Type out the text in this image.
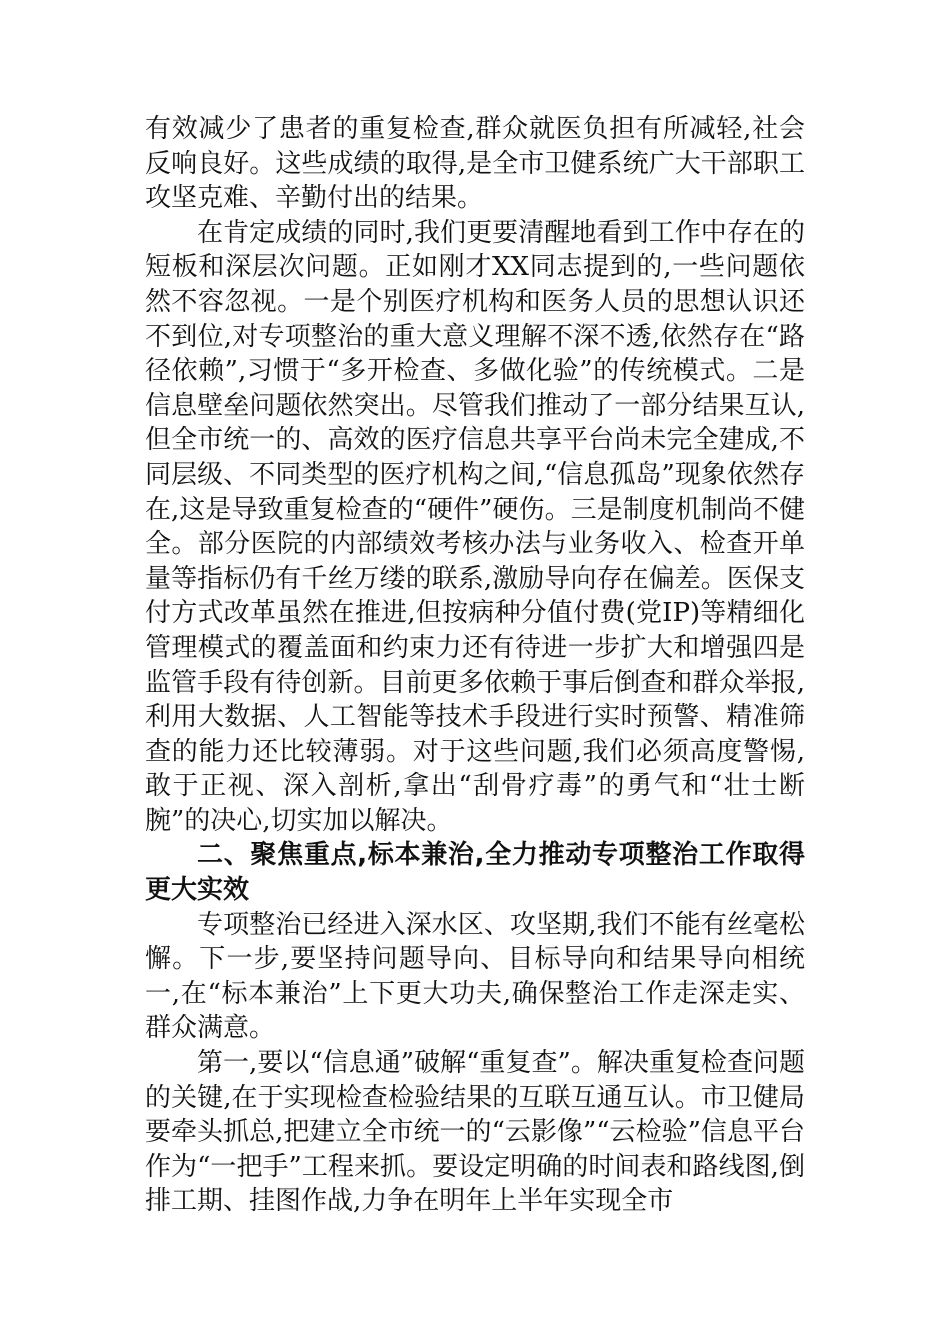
有效减少了患者的重复检查,群众就医负担有所减轻,社会反响良好。这些成绩的取得,是全市卫健系统广大干部职工攻坚克难、辛勤付出的结果。

在肯定成绩的同时,我们更要清醒地看到工作中存在的短板和深层次问题。正如刚才XX同志提到的,一些问题依然不容忽视。一是个别医疗机构和医务人员的思想认识还不到位,对专项整治的重大意义理解不深不透,依然存在“路径依赖”,习惯于“多开检查、多做化验”的传统模式。二是信息壁垒问题依然突出。尽管我们推动了一部分结果互认,但全市统一的、高效的医疗信息共享平台尚未完全建成,不同层级、不同类型的医疗机构之间,“信息孤岛”现象依然存在,这是导致重复检查的“硬件”硬伤。三是制度机制尚不健全。部分医院的内部绩效考核办法与业务收入、检查开单量等指标仍有千丝万缕的联系,激励导向存在偏差。医保支付方式改革虽然在推进,但按病种分值付费(党IP)等精细化管理模式的覆盖面和约束力还有待进一步扩大和增强四是监管手段有待创新。目前更多依赖于事后倒查和群众举报,利用大数据、人工智能等技术手段进行实时预警、精准筛查的能力还比较薄弱。对于这些问题,我们必须高度警惕,敢于正视、深入剖析,拿出“刮骨疗毒”的勇气和“壮士断腕”的决心,切实加以解决。

二、聚焦重点,标本兼治,全力推动专项整治工作取得更大实效

专项整治已经进入深水区、攻坚期,我们不能有丝毫松懈。下一步,要坚持问题导向、目标导向和结果导向相统一,在“标本兼治”上下更大功夫,确保整治工作走深走实、群众满意。

第一,要以“信息通”破解“重复查”。解决重复检查问题的关键,在于实现检查检验结果的互联互通互认。市卫健局要牵头抓总,把建立全市统一的“云影像”“云检验”信息平台作为“一把手”工程来抓。要设定明确的时间表和路线图,倒排工期、挂图作战,力争在明年上半年实现全市
